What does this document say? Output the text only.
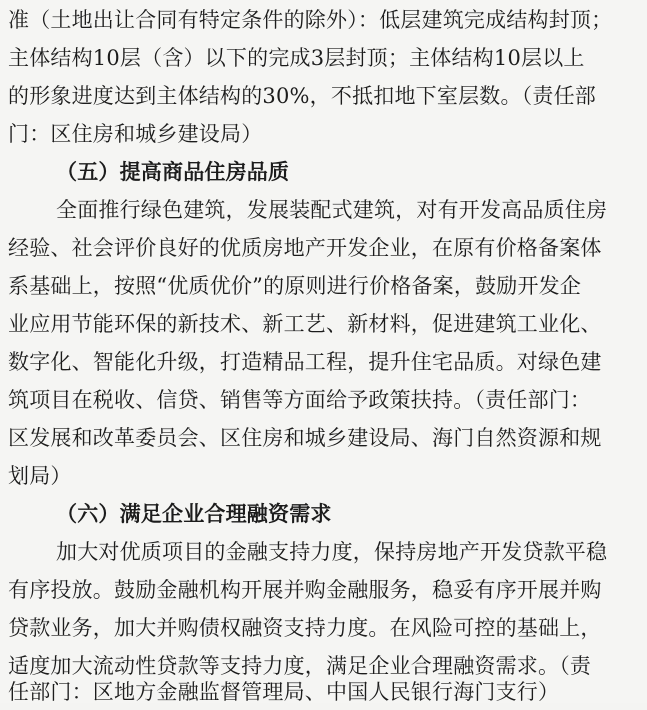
准（土地出让合同有特定条件的除外）：低层建筑完成结构封顶；
主体结构10层（含）以下的完成3层封顶；主体结构10层以上
的形象进度达到主体结构的30%，不抵扣地下室层数。（责任部
门：区住房和城乡建设局）
（五）提高商品住房品质
全面推行绿色建筑，发展装配式建筑，对有开发高品质住房
经验、社会评价良好的优质房地产开发企业，在原有价格备案体
系基础上，按照“优质优价”的原则进行价格备案，鼓励开发企
业应用节能环保的新技术、新工艺、新材料，促进建筑工业化、
数字化、智能化升级，打造精品工程，提升住宅品质。对绿色建
筑项目在税收、信贷、销售等方面给予政策扶持。（责任部门：
区发展和改革委员会、区住房和城乡建设局、海门自然资源和规
划局）
（六）满足企业合理融资需求
加大对优质项目的金融支持力度，保持房地产开发贷款平稳
有序投放。鼓励金融机构开展并购金融服务，稳妥有序开展并购
贷款业务，加大并购债权融资支持力度。在风险可控的基础上，
适度加大流动性贷款等支持力度，满足企业合理融资需求。（责
任部门：区地方金融监督管理局、中国人民银行海门支行）
